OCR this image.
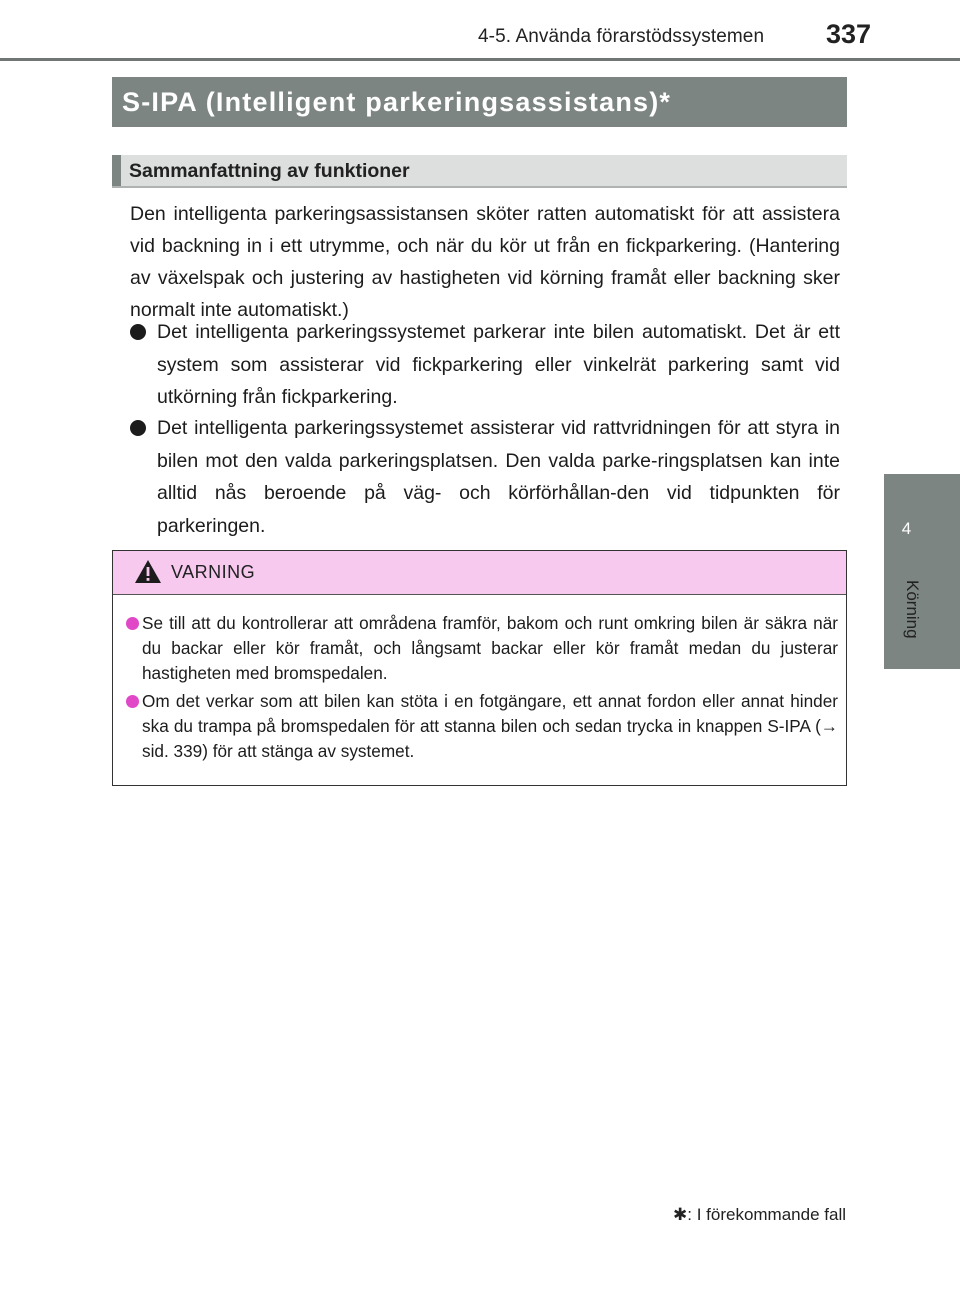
4-5. Använda förarstödssystemen 337
4
Körning
S-IPA (Intelligent parkeringsassistans)*
Sammanfattning av funktioner

Den intelligenta parkeringsassistansen sköter ratten automatiskt för att assistera vid backning in i ett utrymme, och när du kör ut från en fickparkering. (Hantering av växelspak och justering av hastigheten vid körning framåt eller backning sker normalt inte automatiskt.)

Det intelligenta parkeringssystemet parkerar inte bilen automatiskt. Det är ett system som assisterar vid fickparkering eller vinkelrät parkering samt vid utkörning från fickparkering.
Det intelligenta parkeringssystemet assisterar vid rattvridningen för att styra in bilen mot den valda parkeringsplatsen. Den valda parke-ringsplatsen kan inte alltid nås beroende på väg- och körförhållan-den vid tidpunkten för parkeringen.
VARNING
Se till att du kontrollerar att områdena framför, bakom och runt omkring bilen är säkra när du backar eller kör framåt, och långsamt backar eller kör framåt medan du justerar hastigheten med bromspedalen.
Om det verkar som att bilen kan stöta i en fotgängare, ett annat fordon eller annat hinder ska du trampa på bromspedalen för att stanna bilen och sedan trycka in knappen S-IPA (→ sid. 339) för att stänga av systemet.
✱: I förekommande fall
